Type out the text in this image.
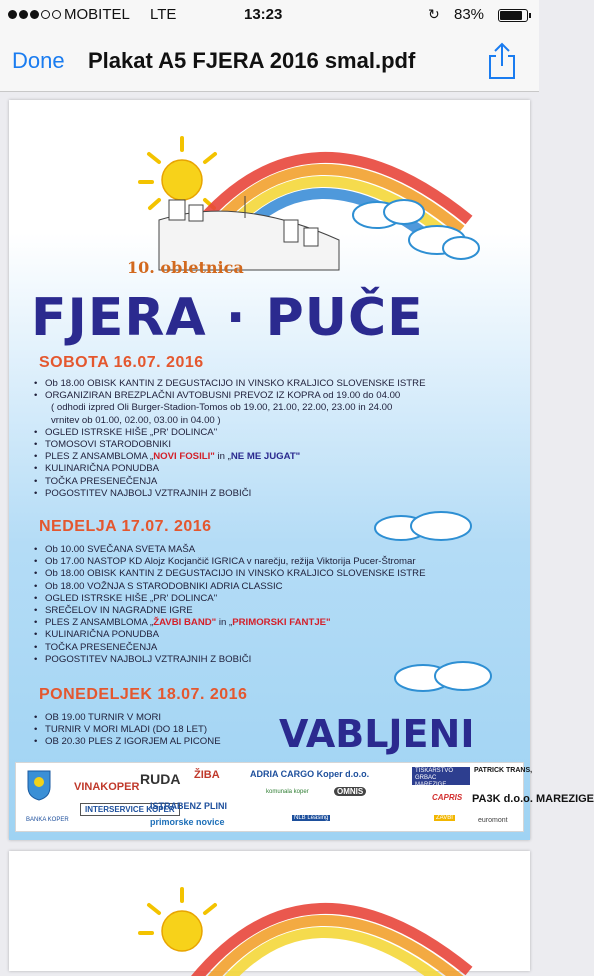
MOBITEL LTE	13:23	↻ 83%
Done Plakat A5 FJERA 2016 smal.pdf
10. obletnica
FJERA · PUČE
SOBOTA 16.07. 2016
• Ob 18.00 OBISK KANTIN Z DEGUSTACIJO IN VINSKO KRALJICO SLOVENSKE ISTRE
• ORGANIZIRAN BREZPLAČNI AVTOBUSNI PREVOZ IZ KOPRA od 19.00 do 04.00
( odhodi izpred Oli Burger-Stadion-Tomos ob 19.00, 21.00, 22.00, 23.00 in 24.00
vrnitev ob 01.00, 02.00, 03.00 in 04.00 )
• OGLED ISTRSKE HIŠE „PR' DOLINCA"
• TOMOSOVI STARODOBNIKI
• PLES Z ANSAMBLOMA „NOVI FOSILI" in „NE ME JUGAT"
• KULINARIČNA PONUDBA
• TOČKA PRESENEČENJA
• POGOSTITEV NAJBOLJ VZTRAJNIH Z BOBIČI
NEDELJA 17.07. 2016
• Ob 10.00 SVEČANA SVETA MAŠA
• Ob 17.00 NASTOP KD Alojz Kocjančič IGRICA v narečju, režija Viktorija Pucer-Štromar
• Ob 18.00 OBISK KANTIN Z DEGUSTACIJO IN VINSKO KRALJICO SLOVENSKE ISTRE
• Ob 18.00 VOŽNJA S STARODOBNIKI ADRIA CLASSIC
• OGLED ISTRSKE HIŠE „PR' DOLINCA"
• SREČELOV IN NAGRADNE IGRE
• PLES Z ANSAMBLOMA „ŽAVBI BAND" in „PRIMORSKI FANTJE"
• KULINARIČNA PONUDBA
• TOČKA PRESENEČENJA
• POGOSTITEV NAJBOLJ VZTRAJNIH Z BOBIČI
PONEDELJEK 18.07. 2016
• OB 19.00 TURNIR V MORI
• TURNIR V MORI MLADI (DO 18 LET)
• OB 20.30 PLES Z IGORJEM AL PICONE VABLJENI
VINAKOPER RUDA ŽIBA	ADRIA CARGO Koper d.o.o.	TISKARSTVO GRBAC MAREZIGE
PATRICK TRANS,
INTERSERVICE KOPER
ISTRABENZ PLINI
primorske novice
BANKA KOPER
komunala koper	OMNIS
NLB Leasing
CAPRIS PA3K d.o.o. MAREZIGE
euromont
ŽAVBI
